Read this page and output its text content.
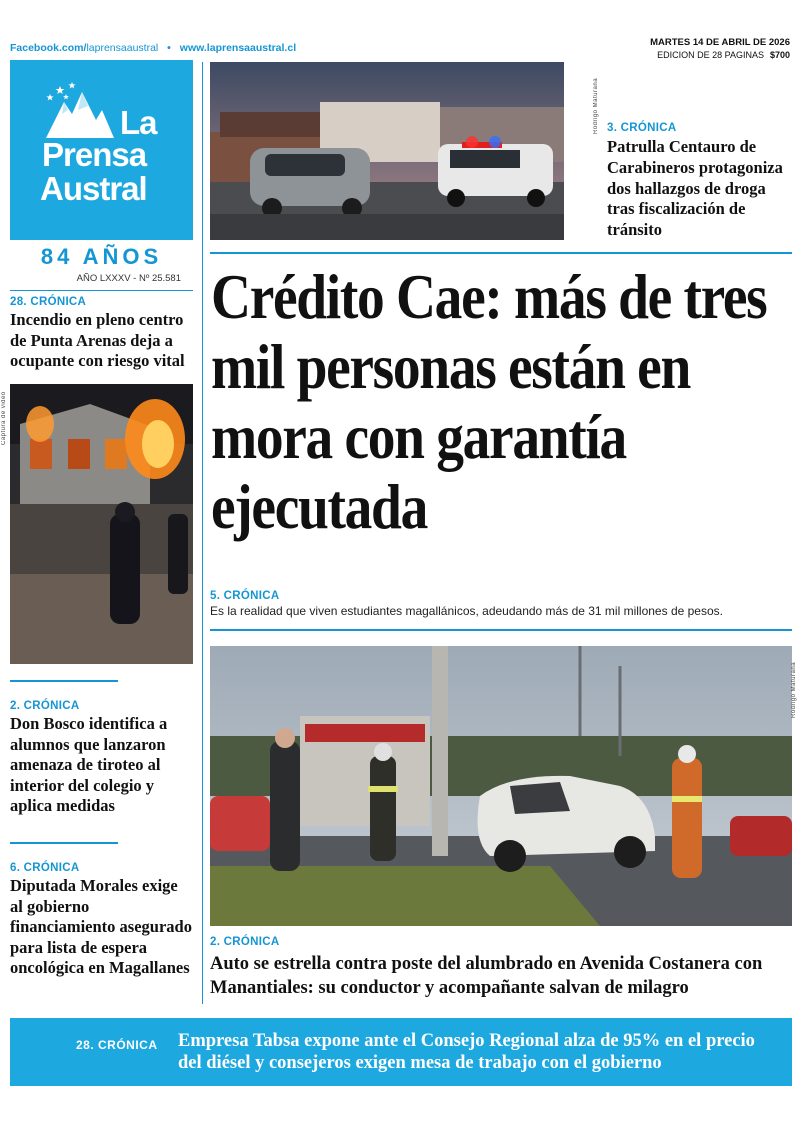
Facebook.com/laprensaaustral • www.laprensaaustral.cl	MARTES 14 DE ABRIL DE 2026
EDICION DE 28 PAGINAS $700
La
Prensa
Austral
84 AÑOS
AÑO LXXXV - Nº 25.581
Rodrigo Maturana 3. CRÓNICA
Patrulla Centauro de Carabineros protagoniza dos hallazgos de droga tras fiscalización de tránsito
Crédito Cae: más de tres mil personas están en mora con garantía ejecutada
5. CRÓNICA
Es la realidad que viven estudiantes magallánicos, adeudando más de 31 mil millones de pesos.
28. CRÓNICA
Incendio en pleno centro de Punta Arenas deja a ocupante con riesgo vital
Captura de video
2. CRÓNICA
Don Bosco identifica a alumnos que lanzaron amenaza de tiroteo al interior del colegio y aplica medidas
6. CRÓNICA
Diputada Morales exige al gobierno financiamiento asegurado para lista de espera oncológica en Magallanes
Rodrigo Maturana
2. CRÓNICA
Auto se estrella contra poste del alumbrado en Avenida Costanera con Manantiales: su conductor y acompañante salvan de milagro
28. CRÓNICA Empresa Tabsa expone ante el Consejo Regional alza de 95% en el precio del diésel y consejeros exigen mesa de trabajo con el gobierno
